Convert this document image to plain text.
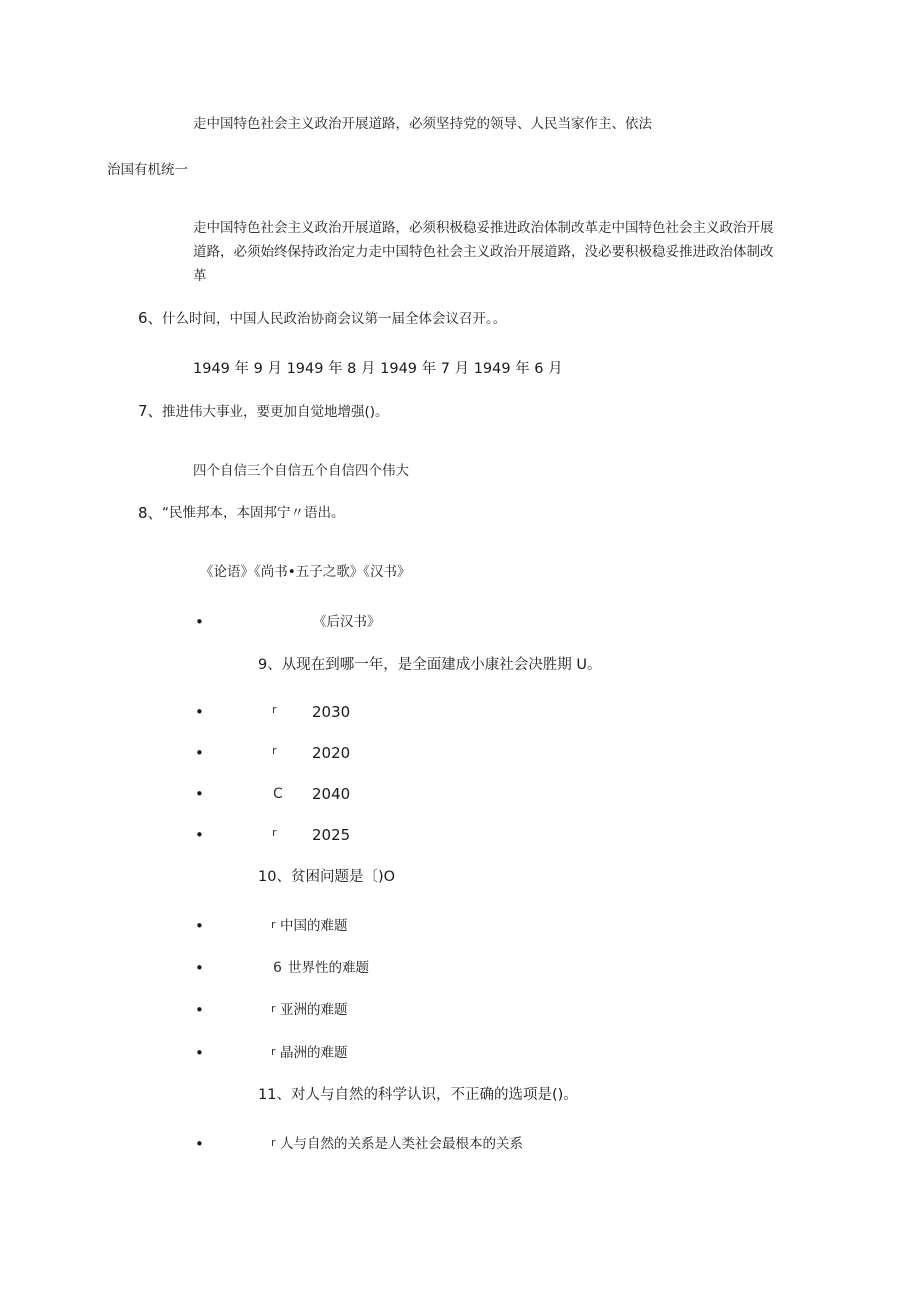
走中国特色社会主义政治开展道路，必须坚持党的领导、人民当家作主、依法
治国有机统一
走中国特色社会主义政治开展道路，必须积极稳妥推进政治体制改革走中国特色社会主义政治开展道路，必须始终保持政治定力走中国特色社会主义政治开展道路，没必要积极稳妥推进政治体制改革
6、 什么时间，中国人民政治协商会议第一届全体会议召开。。
1949 年 9 月 1949 年 8 月 1949 年 7 月 1949 年 6 月
7、 推进伟大事业，要更加自觉地增强()。
四个自信三个自信五个自信四个伟大
8、 “民惟邦本，本固邦宁〃语出。
《论语》《尚书•五子之歌》《汉书》
•	《后汉书》
9、从现在到哪一年，是全面建成小康社会决胜期 U。
•	r 2030
•	r 2020
•	C 2040
•	r 2025
10、贫困问题是〔)O
•	r 中国的难题
•	6 世界性的难题
•	r 亚洲的难题
•	r 晶洲的难题
11、对人与自然的科学认识，不正确的选项是()。
•	r 人与自然的关系是人类社会最根本的关系
